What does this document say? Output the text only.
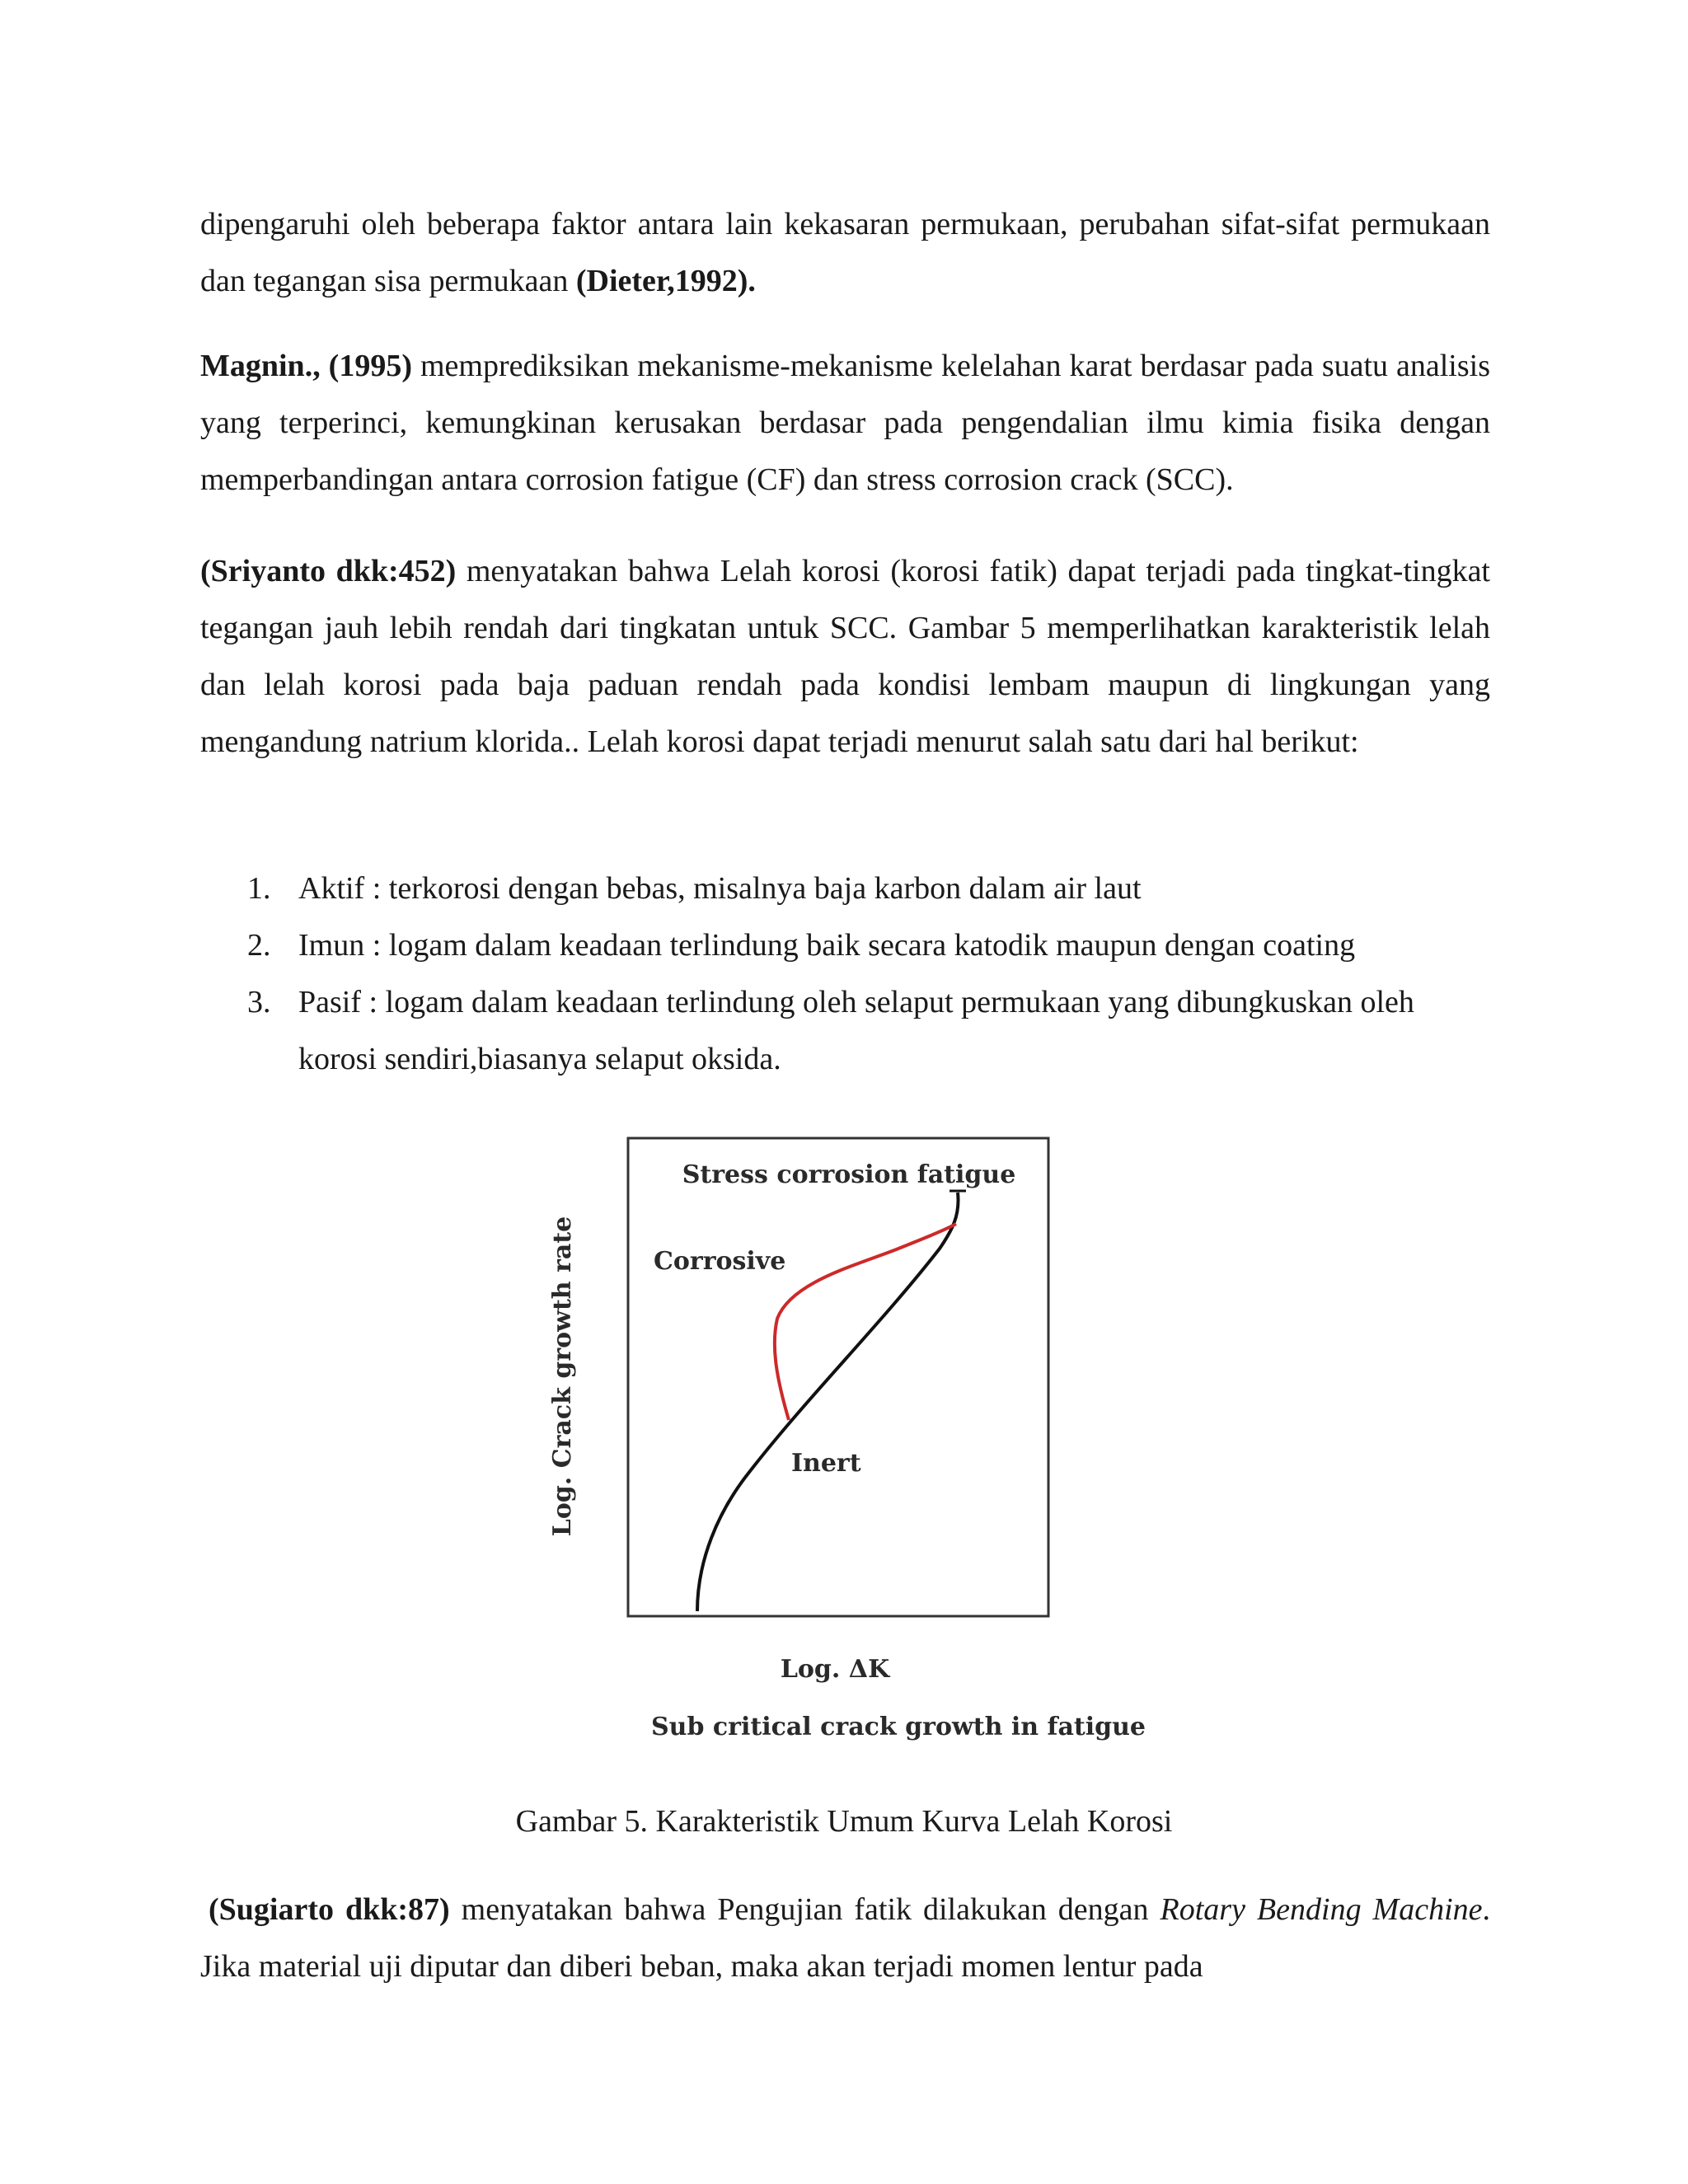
dipengaruhi oleh beberapa faktor antara lain kekasaran permukaan, perubahan sifat-sifat permukaan dan tegangan sisa permukaan (Dieter,1992).

Magnin., (1995) memprediksikan mekanisme-mekanisme kelelahan karat berdasar pada suatu analisis yang terperinci, kemungkinan kerusakan berdasar pada pengendalian ilmu kimia fisika dengan memperbandingan antara corrosion fatigue (CF) dan stress corrosion crack (SCC).

(Sriyanto dkk:452) menyatakan bahwa Lelah korosi (korosi fatik) dapat terjadi pada tingkat-tingkat tegangan jauh lebih rendah dari tingkatan untuk SCC. Gambar 5 memperlihatkan karakteristik lelah dan lelah korosi pada baja paduan rendah pada kondisi lembam maupun di lingkungan yang mengandung natrium klorida.. Lelah korosi dapat terjadi menurut salah satu dari hal berikut:

1. Aktif : terkorosi dengan bebas, misalnya baja karbon dalam air laut
2. Imun : logam dalam keadaan terlindung baik secara katodik maupun dengan coating
3. Pasif : logam dalam keadaan terlindung oleh selaput permukaan yang dibungkuskan oleh korosi sendiri,biasanya selaput oksida.
Stress corrosion fatigue
Corrosive
Inert
Log. Crack growth rate
Log. ΔK
Sub critical crack growth in fatigue
Gambar 5. Karakteristik Umum Kurva Lelah Korosi

(Sugiarto dkk:87) menyatakan bahwa Pengujian fatik dilakukan dengan Rotary Bending Machine. Jika material uji diputar dan diberi beban, maka akan terjadi momen lentur pada
